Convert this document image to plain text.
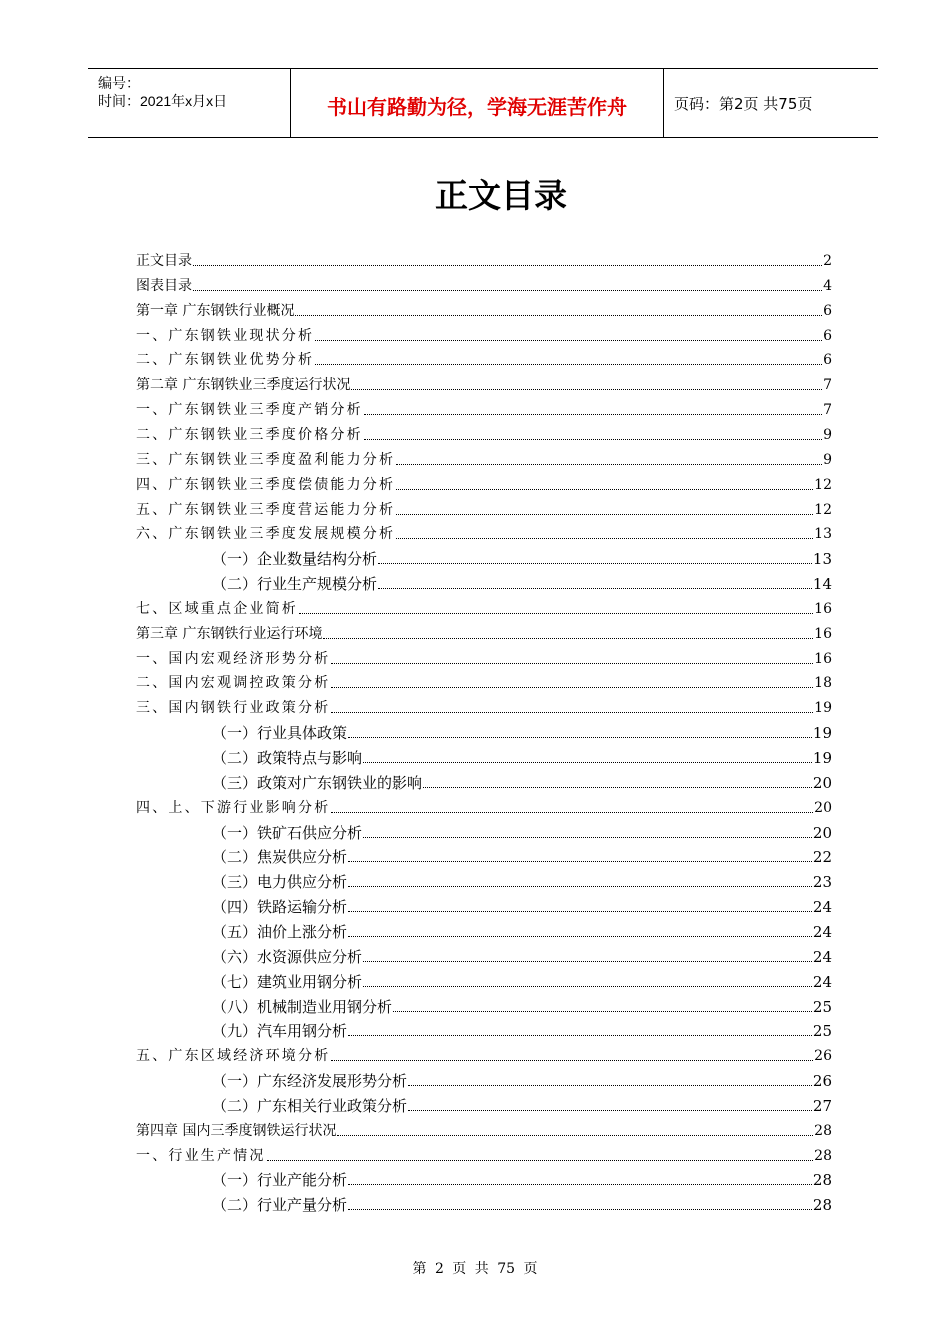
编号：
时间：2021年x月x日	书山有路勤为径，学海无涯苦作舟	页码：第2页 共75页
正文目录
正文目录	2
图表目录	4
第一章 广东钢铁行业概况	6
一、广东钢铁业现状分析	6
二、广东钢铁业优势分析	6
第二章 广东钢铁业三季度运行状况	7
一、广东钢铁业三季度产销分析	7
二、广东钢铁业三季度价格分析	9
三、广东钢铁业三季度盈利能力分析	9
四、广东钢铁业三季度偿债能力分析	12
五、广东钢铁业三季度营运能力分析	12
六、广东钢铁业三季度发展规模分析	13
（一）企业数量结构分析	13
（二）行业生产规模分析	14
七、区域重点企业简析	16
第三章 广东钢铁行业运行环境	16
一、国内宏观经济形势分析	16
二、国内宏观调控政策分析	18
三、国内钢铁行业政策分析	19
（一）行业具体政策	19
（二）政策特点与影响	19
（三）政策对广东钢铁业的影响	20
四、上、下游行业影响分析	20
（一）铁矿石供应分析	20
（二）焦炭供应分析	22
（三）电力供应分析	23
（四）铁路运输分析	24
（五）油价上涨分析	24
（六）水资源供应分析	24
（七）建筑业用钢分析	24
（八）机械制造业用钢分析	25
（九）汽车用钢分析	25
五、广东区域经济环境分析	26
（一）广东经济发展形势分析	26
（二）广东相关行业政策分析	27
第四章 国内三季度钢铁运行状况	28
一、行业生产情况	28
（一）行业产能分析	28
（二）行业产量分析	28
第 2 页 共 75 页
